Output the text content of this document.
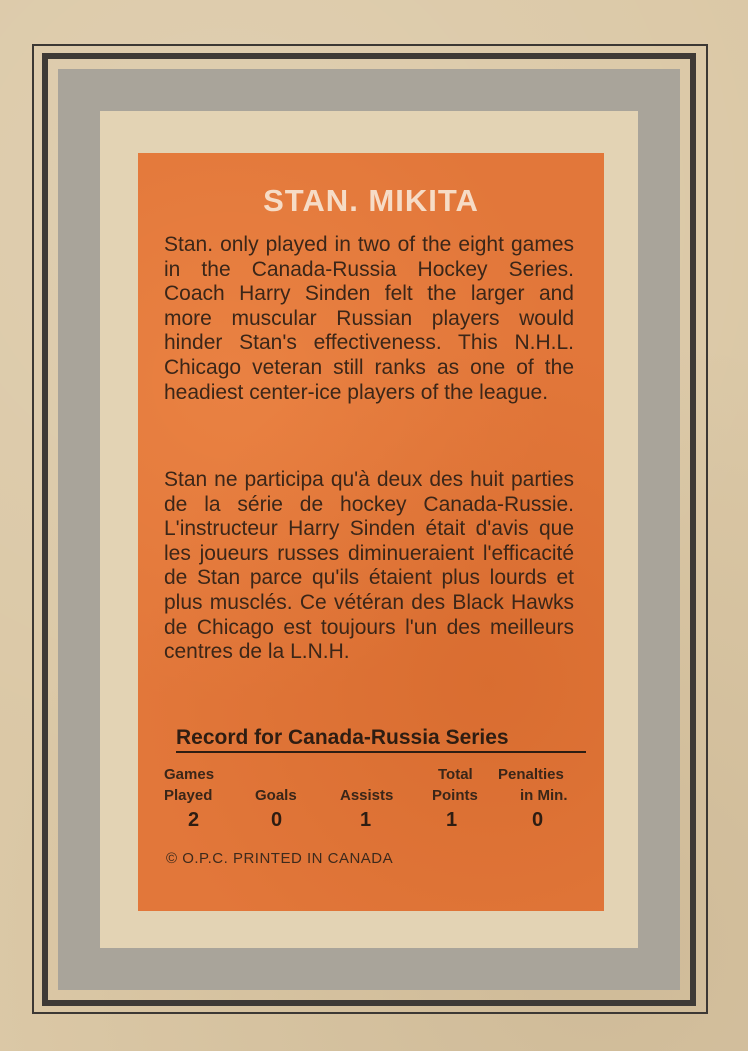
STAN. MIKITA

Stan. only played in two of the eight games in the Canada-Russia Hockey Series. Coach Harry Sinden felt the larger and more muscular Russian players would hinder Stan's effectiveness. This N.H.L. Chicago veteran still ranks as one of the headiest center-ice players of the league.

Stan ne participa qu'à deux des huit parties de la série de hockey Canada-Russie. L'instructeur Harry Sinden était d'avis que les joueurs russes diminueraient l'efficacité de Stan parce qu'ils étaient plus lourds et plus musclés. Ce vétéran des Black Hawks de Chicago est toujours l'un des meilleurs centres de la L.N.H.

Record for Canada-Russia Series
Games
Played
2
Goals
0
Assists
1
Total
Points
1
Penalties
in Min.
0
© O.P.C. PRINTED IN CANADA
